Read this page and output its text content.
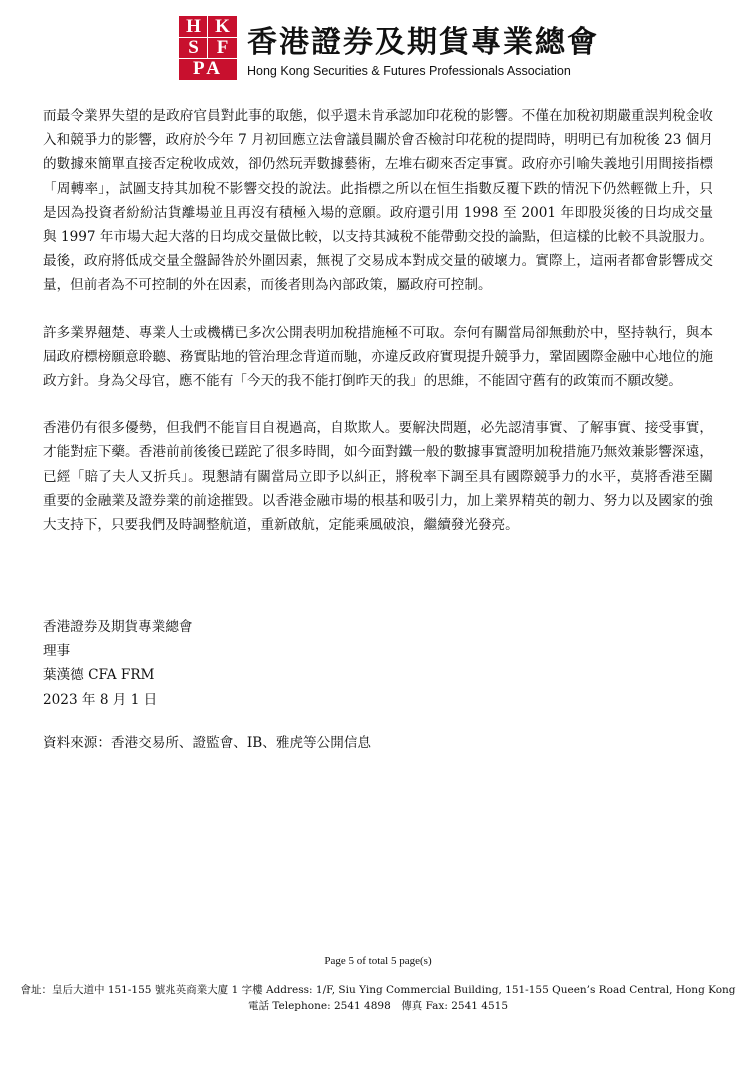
H K
S F
PA
香港證券及期貨專業總會
Hong Kong Securities & Futures Professionals Association

而最令業界失望的是政府官員對此事的取態，似乎還未肯承認加印花稅的影響。不僅在加稅初期嚴重誤判稅金收入和競爭力的影響，政府於今年 7 月初回應立法會議員關於會否檢討印花稅的提問時，明明已有加稅後 23 個月的數據來簡單直接否定稅收成效，卻仍然玩弄數據藝術，左堆右砌來否定事實。政府亦引喻失義地引用間接指標「周轉率」，試圖支持其加稅不影響交投的說法。此指標之所以在恒生指數反覆下跌的情況下仍然輕微上升，只是因為投資者紛紛沽貨離場並且再沒有積極入場的意願。政府還引用 1998 至 2001 年即股災後的日均成交量與 1997 年市場大起大落的日均成交量做比較，以支持其減稅不能帶動交投的論點，但這樣的比較不具說服力。最後，政府將低成交量全盤歸咎於外圍因素，無視了交易成本對成交量的破壞力。實際上，這兩者都會影響成交量，但前者為不可控制的外在因素，而後者則為內部政策，屬政府可控制。

許多業界翹楚、專業人士或機構已多次公開表明加稅措施極不可取。奈何有關當局卻無動於中，堅持執行，與本屆政府標榜願意聆聽、務實貼地的管治理念背道而馳，亦違反政府實現提升競爭力，鞏固國際金融中心地位的施政方針。身為父母官，應不能有「今天的我不能打倒昨天的我」的思維，不能固守舊有的政策而不願改變。

香港仍有很多優勢，但我們不能盲目自視過高，自欺欺人。要解決問題，必先認清事實、了解事實、接受事實，才能對症下藥。香港前前後後已蹉跎了很多時間，如今面對鐵一般的數據事實證明加稅措施乃無效兼影響深遠，已經「賠了夫人又折兵」。現懇請有關當局立即予以糾正，將稅率下調至具有國際競爭力的水平，莫將香港至關重要的金融業及證券業的前途摧毀。以香港金融市場的根基和吸引力，加上業界精英的韌力、努力以及國家的強大支持下，只要我們及時調整航道，重新啟航，定能乘風破浪，繼續發光發亮。

香港證券及期貨專業總會
理事
葉漢德 CFA FRM
2023 年 8 月 1 日
資料來源：香港交易所、證監會、IB、雅虎等公開信息
Page 5 of total 5 page(s)
會址：皇后大道中 151-155 號兆英商業大廈 1 字樓 Address: 1/F, Siu Ying Commercial Building, 151-155 Queen’s Road Central, Hong Kong
電話 Telephone: 2541 4898　傳真 Fax: 2541 4515
